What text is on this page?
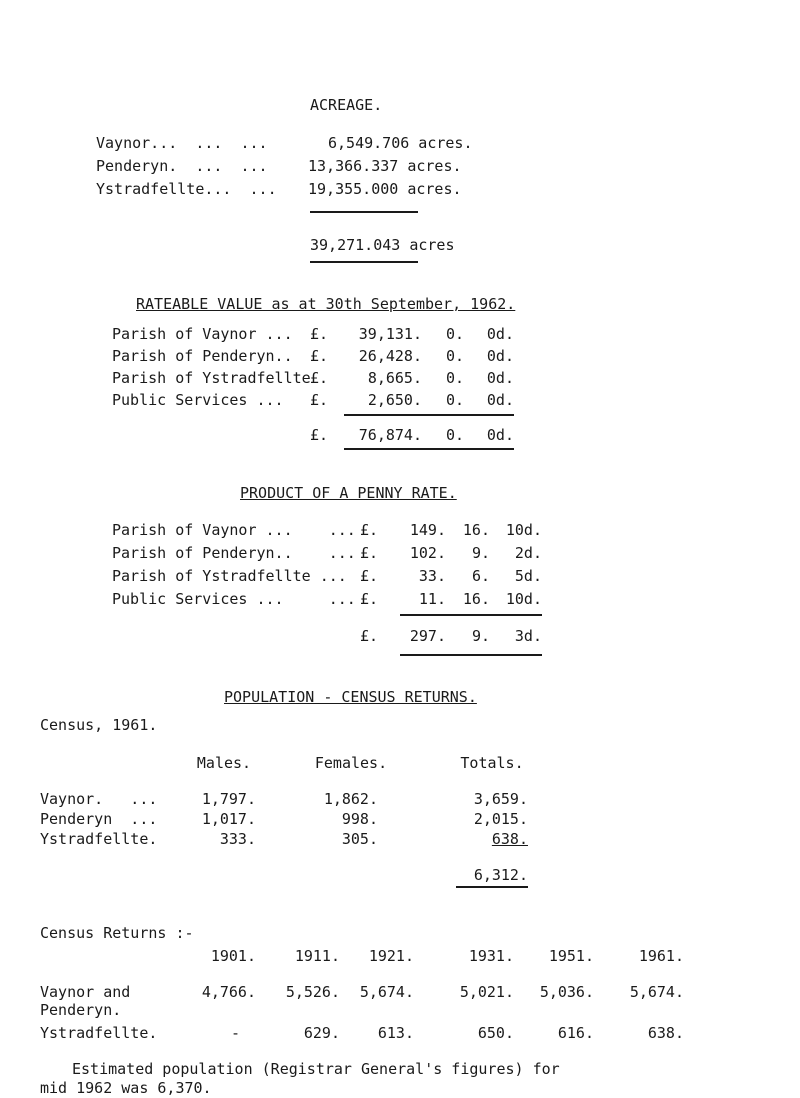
ACREAGE.
Vaynor...  ...  ...	6,549.706 acres.
Penderyn.  ...  ...	13,366.337 acres.
Ystradfellte...  ... 19,355.000 acres.
39,271.043 acres
RATEABLE VALUE as at 30th September, 1962.
Parish of Vaynor ... £.	39,131.	0.	0d.
Parish of Penderyn.. £.	26,428.	0.	0d.
Parish of Ystradfellte £.	8,665.	0.	0d.
Public Services ... £.	2,650.	0.	0d.
£.	76,874.	0.	0d.
PRODUCT OF A PENNY RATE.
Parish of Vaynor ...    ... £.	149.	16.	10d.
Parish of Penderyn..    ... £.	102.	9.	2d.
Parish of Ystradfellte ... £.	33.	6.	5d.
Public Services ...     ... £.	11.	16.	10d.
£.	297.	9.	3d.
POPULATION - CENSUS RETURNS.
Census, 1961.
Males.	Females.	Totals.
Vaynor.   ...	1,797.	1,862.	3,659.
Penderyn  ...	1,017.	998.	2,015.
Ystradfellte.	333.	305.	638.
6,312.
Census Returns :-
1901.	1911.	1921.	1931.	1951.	1961.
Vaynor and
Penderyn.
4,766.	5,526.	5,674.	5,021.	5,036.	5,674.
Ystradfellte.	-	629.	613.	650.	616.	638.
Estimated population (Registrar General's figures) for
mid 1962 was 6,370.
